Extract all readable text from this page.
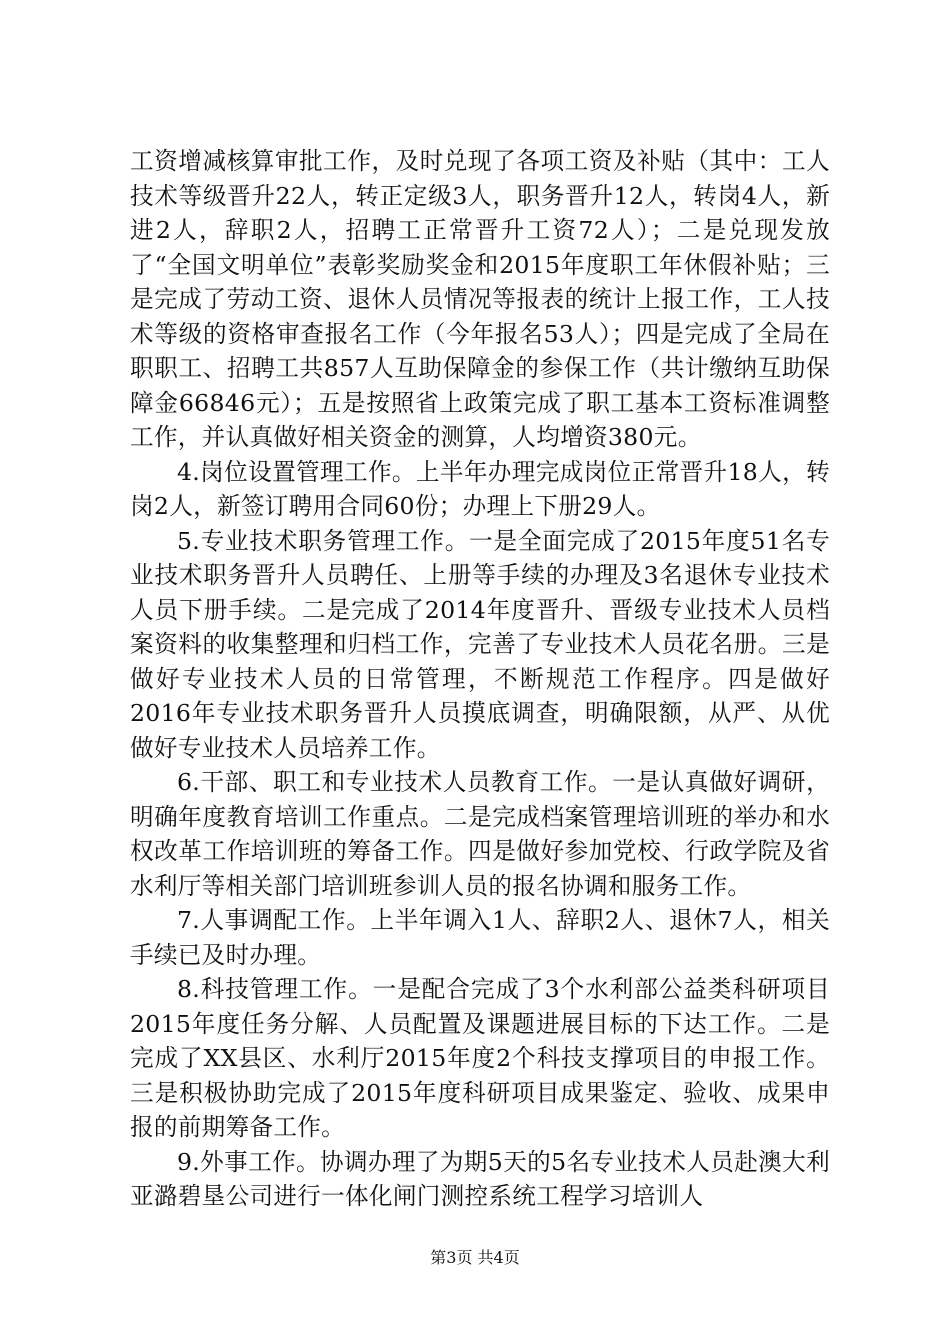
工资增减核算审批工作，及时兑现了各项工资及补贴（其中：工人技术等级晋升22人，转正定级3人，职务晋升12人，转岗4人，新进2人，辞职2人，招聘工正常晋升工资72人）；二是兑现发放了“全国文明单位”表彰奖励奖金和2015年度职工年休假补贴；三是完成了劳动工资、退休人员情况等报表的统计上报工作，工人技术等级的资格审查报名工作（今年报名53人）；四是完成了全局在职职工、招聘工共857人互助保障金的参保工作（共计缴纳互助保障金66846元）；五是按照省上政策完成了职工基本工资标准调整工作，并认真做好相关资金的测算，人均增资380元。

4.岗位设置管理工作。上半年办理完成岗位正常晋升18人，转岗2人，新签订聘用合同60份；办理上下册29人。

5.专业技术职务管理工作。一是全面完成了2015年度51名专业技术职务晋升人员聘任、上册等手续的办理及3名退休专业技术人员下册手续。二是完成了2014年度晋升、晋级专业技术人员档案资料的收集整理和归档工作，完善了专业技术人员花名册。三是做好专业技术人员的日常管理，不断规范工作程序。四是做好2016年专业技术职务晋升人员摸底调查，明确限额，从严、从优做好专业技术人员培养工作。

6.干部、职工和专业技术人员教育工作。一是认真做好调研，明确年度教育培训工作重点。二是完成档案管理培训班的举办和水权改革工作培训班的筹备工作。四是做好参加党校、行政学院及省水利厅等相关部门培训班参训人员的报名协调和服务工作。

7.人事调配工作。上半年调入1人、辞职2人、退休7人，相关手续已及时办理。

8.科技管理工作。一是配合完成了3个水利部公益类科研项目2015年度任务分解、人员配置及课题进展目标的下达工作。二是完成了XX县区、水利厅2015年度2个科技支撑项目的申报工作。三是积极协助完成了2015年度科研项目成果鉴定、验收、成果申报的前期筹备工作。

9.外事工作。协调办理了为期5天的5名专业技术人员赴澳大利亚潞碧垦公司进行一体化闸门测控系统工程学习培训人

第3页 共4页
